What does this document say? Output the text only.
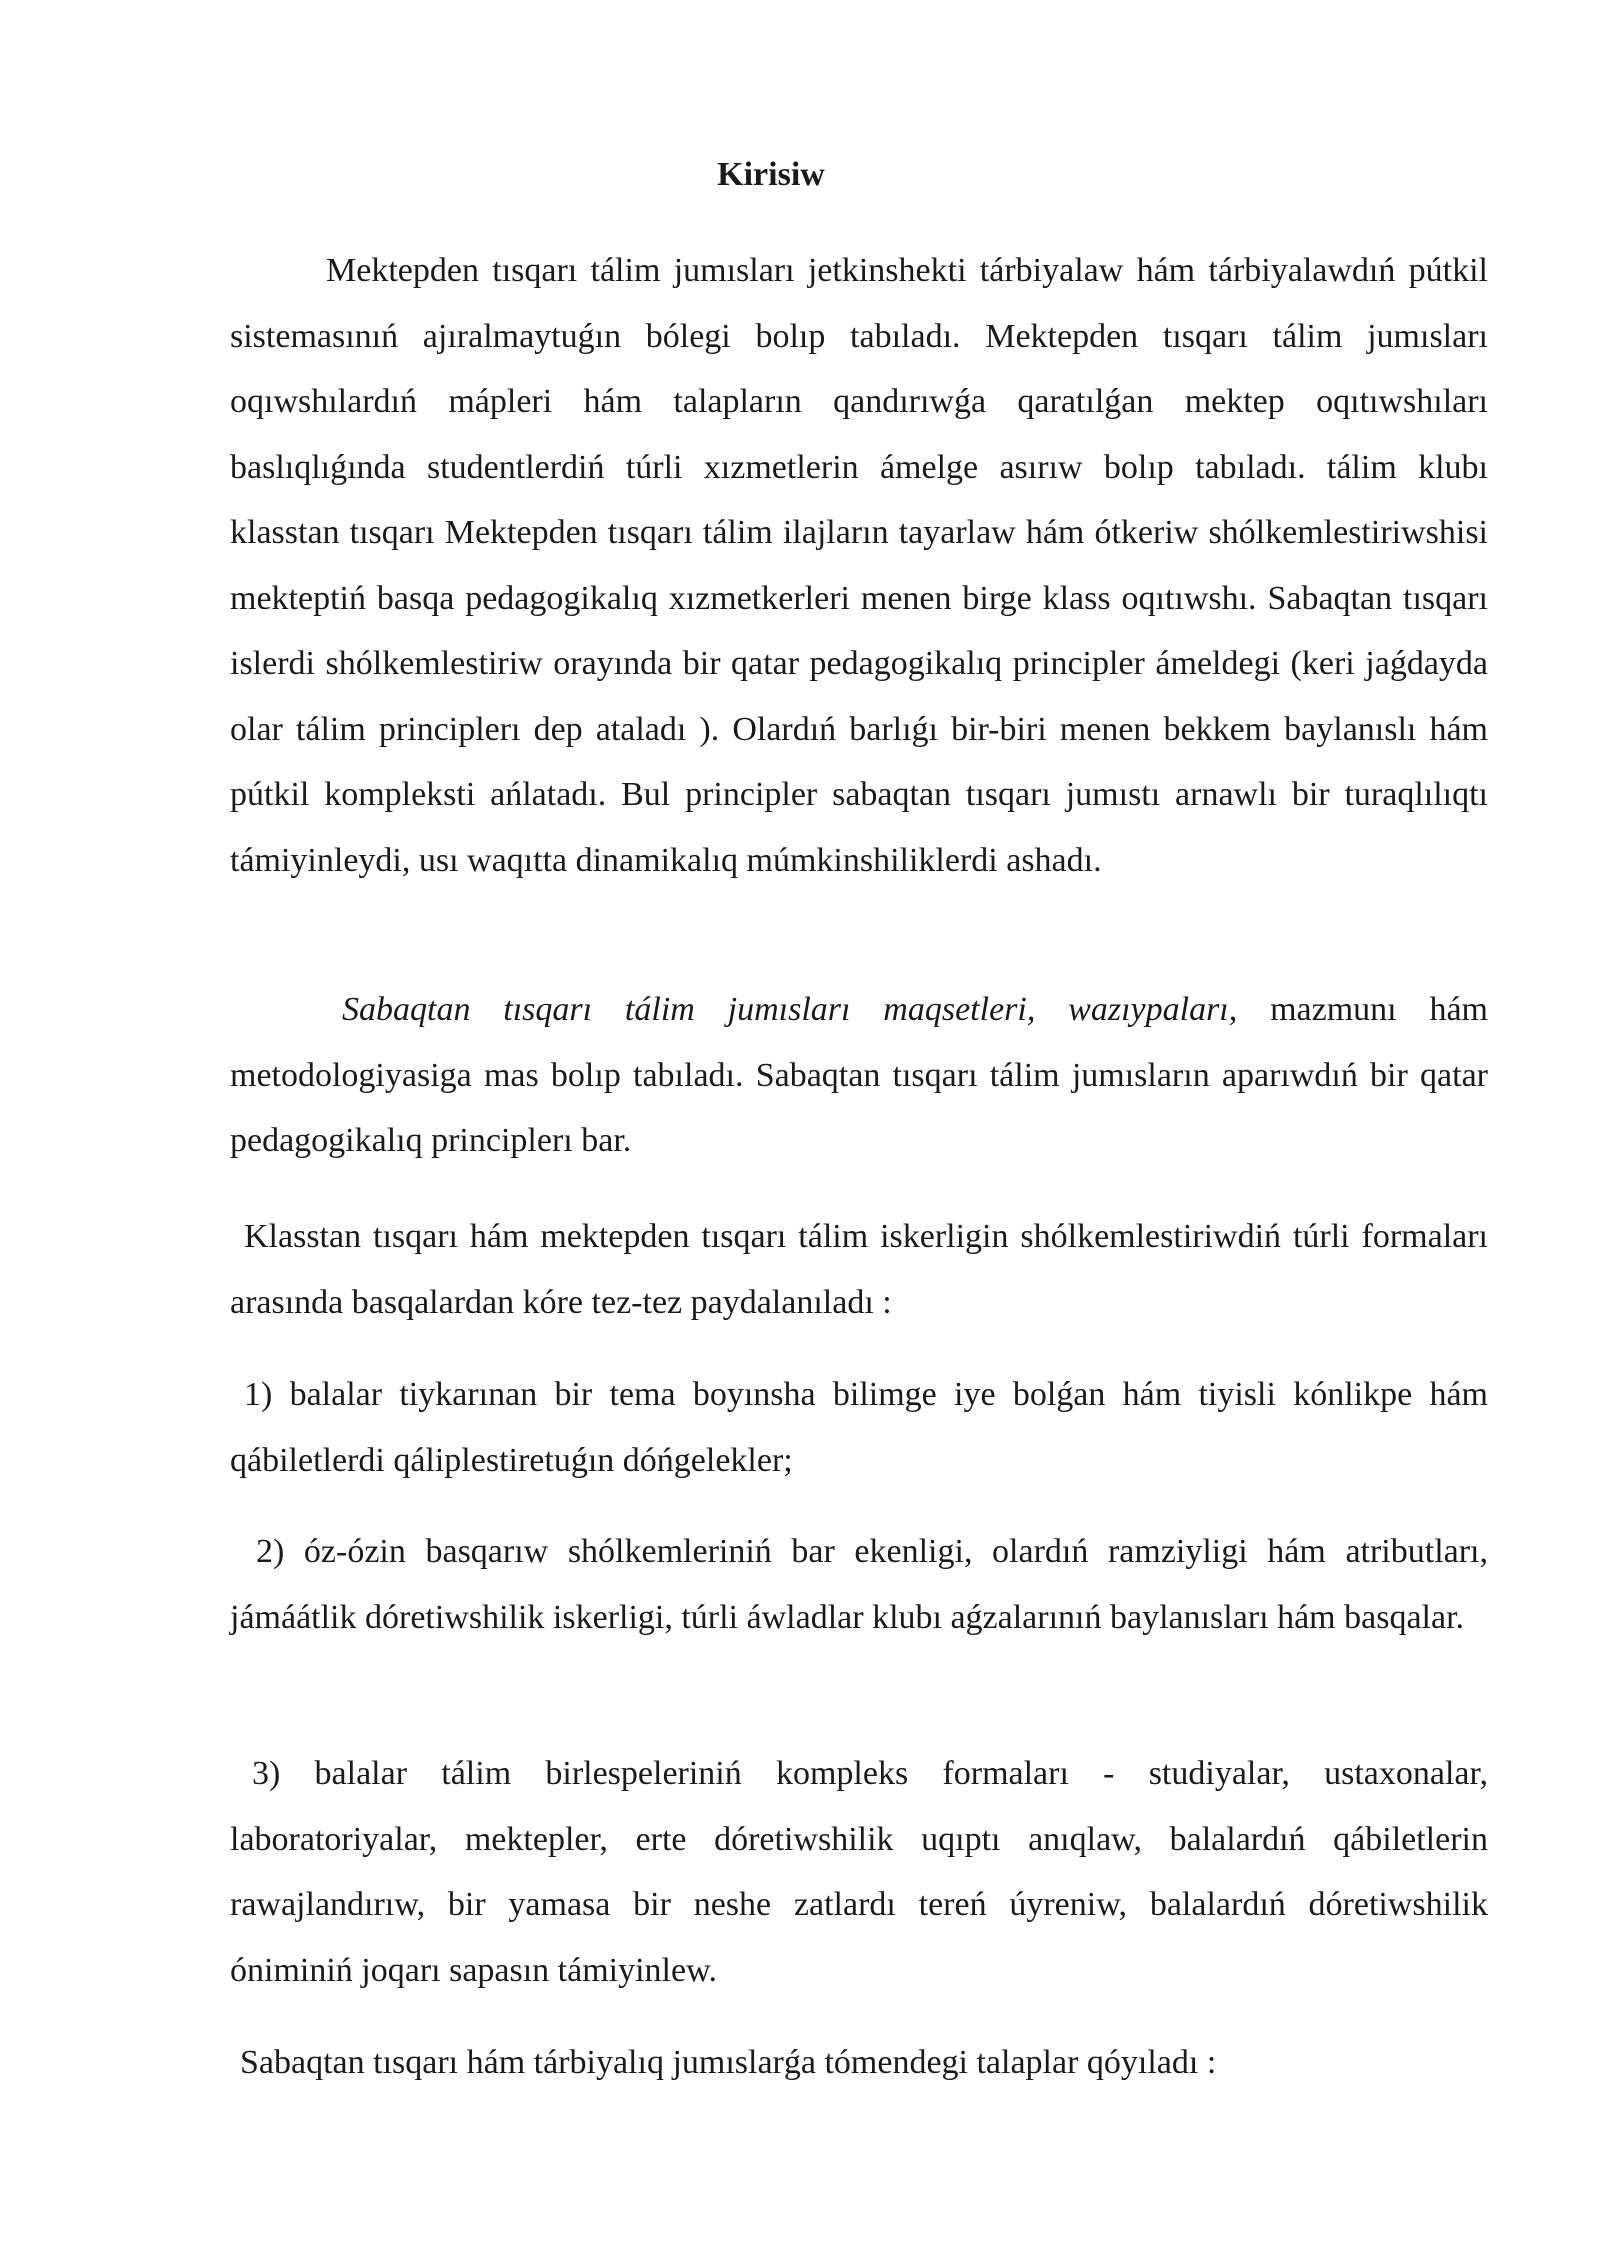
Kirisiw

Mektepden tısqarı tálim jumısları jetkinshekti tárbiyalaw hám tárbiyalawdıń pútkil sistemasınıń ajıralmaytuǵın bólegi bolıp tabıladı. Mektepden tısqarı tálim jumısları oqıwshılardıń mápleri hám talapların qandırıwǵa qaratılǵan mektep oqıtıwshıları baslıqlıǵında studentlerdiń túrli xızmetlerin ámelge asırıw bolıp tabıladı. tálim klubı klasstan tısqarı Mektepden tısqarı tálim ilajların tayarlaw hám ótkeriw shólkemlestiriwshisi mekteptiń basqa pedagogikalıq xızmetkerleri menen birge klass oqıtıwshı. Sabaqtan tısqarı islerdi shólkemlestiriw orayında bir qatar pedagogikalıq principler ámeldegi (keri jaǵdayda olar tálim principlerı dep ataladı ). Olardıń barlıǵı bir-biri menen bekkem baylanıslı hám pútkil kompleksti ańlatadı. Bul principler sabaqtan tısqarı jumıstı arnawlı bir turaqlılıqtı támiyinleydi, usı waqıtta dinamikalıq múmkinshiliklerdi ashadı.

Sabaqtan tısqarı tálim jumısları maqsetleri, wazıypaları, mazmunı hám metodologiyasiga mas bolıp tabıladı. Sabaqtan tısqarı tálim jumısların aparıwdıń bir qatar pedagogikalıq principlerı bar.

Klasstan tısqarı hám mektepden tısqarı tálim iskerligin shólkemlestiriwdiń túrli formaları arasında basqalardan kóre tez-tez paydalanıladı :

1) balalar tiykarınan bir tema boyınsha bilimge iye bolǵan hám tiyisli kónlikpe hám qábiletlerdi qáliplestiretuǵın dóńgelekler;

2) óz-ózin basqarıw shólkemleriniń bar ekenligi, olardıń ramziyligi hám atributları, jámáátlik dóretiwshilik iskerligi, túrli áwladlar klubı aǵzalarınıń baylanısları hám basqalar.

3) balalar tálim birlespeleriniń kompleks formaları - studiyalar, ustaxonalar, laboratoriyalar, mektepler, erte dóretiwshilik uqıptı anıqlaw, balalardıń qábiletlerin rawajlandırıw, bir yamasa bir neshe zatlardı tereń úyreniw, balalardıń dóretiwshilik óniminiń joqarı sapasın támiyinlew.

Sabaqtan tısqarı hám tárbiyalıq jumıslarǵa tómendegi talaplar qóyıladı :
